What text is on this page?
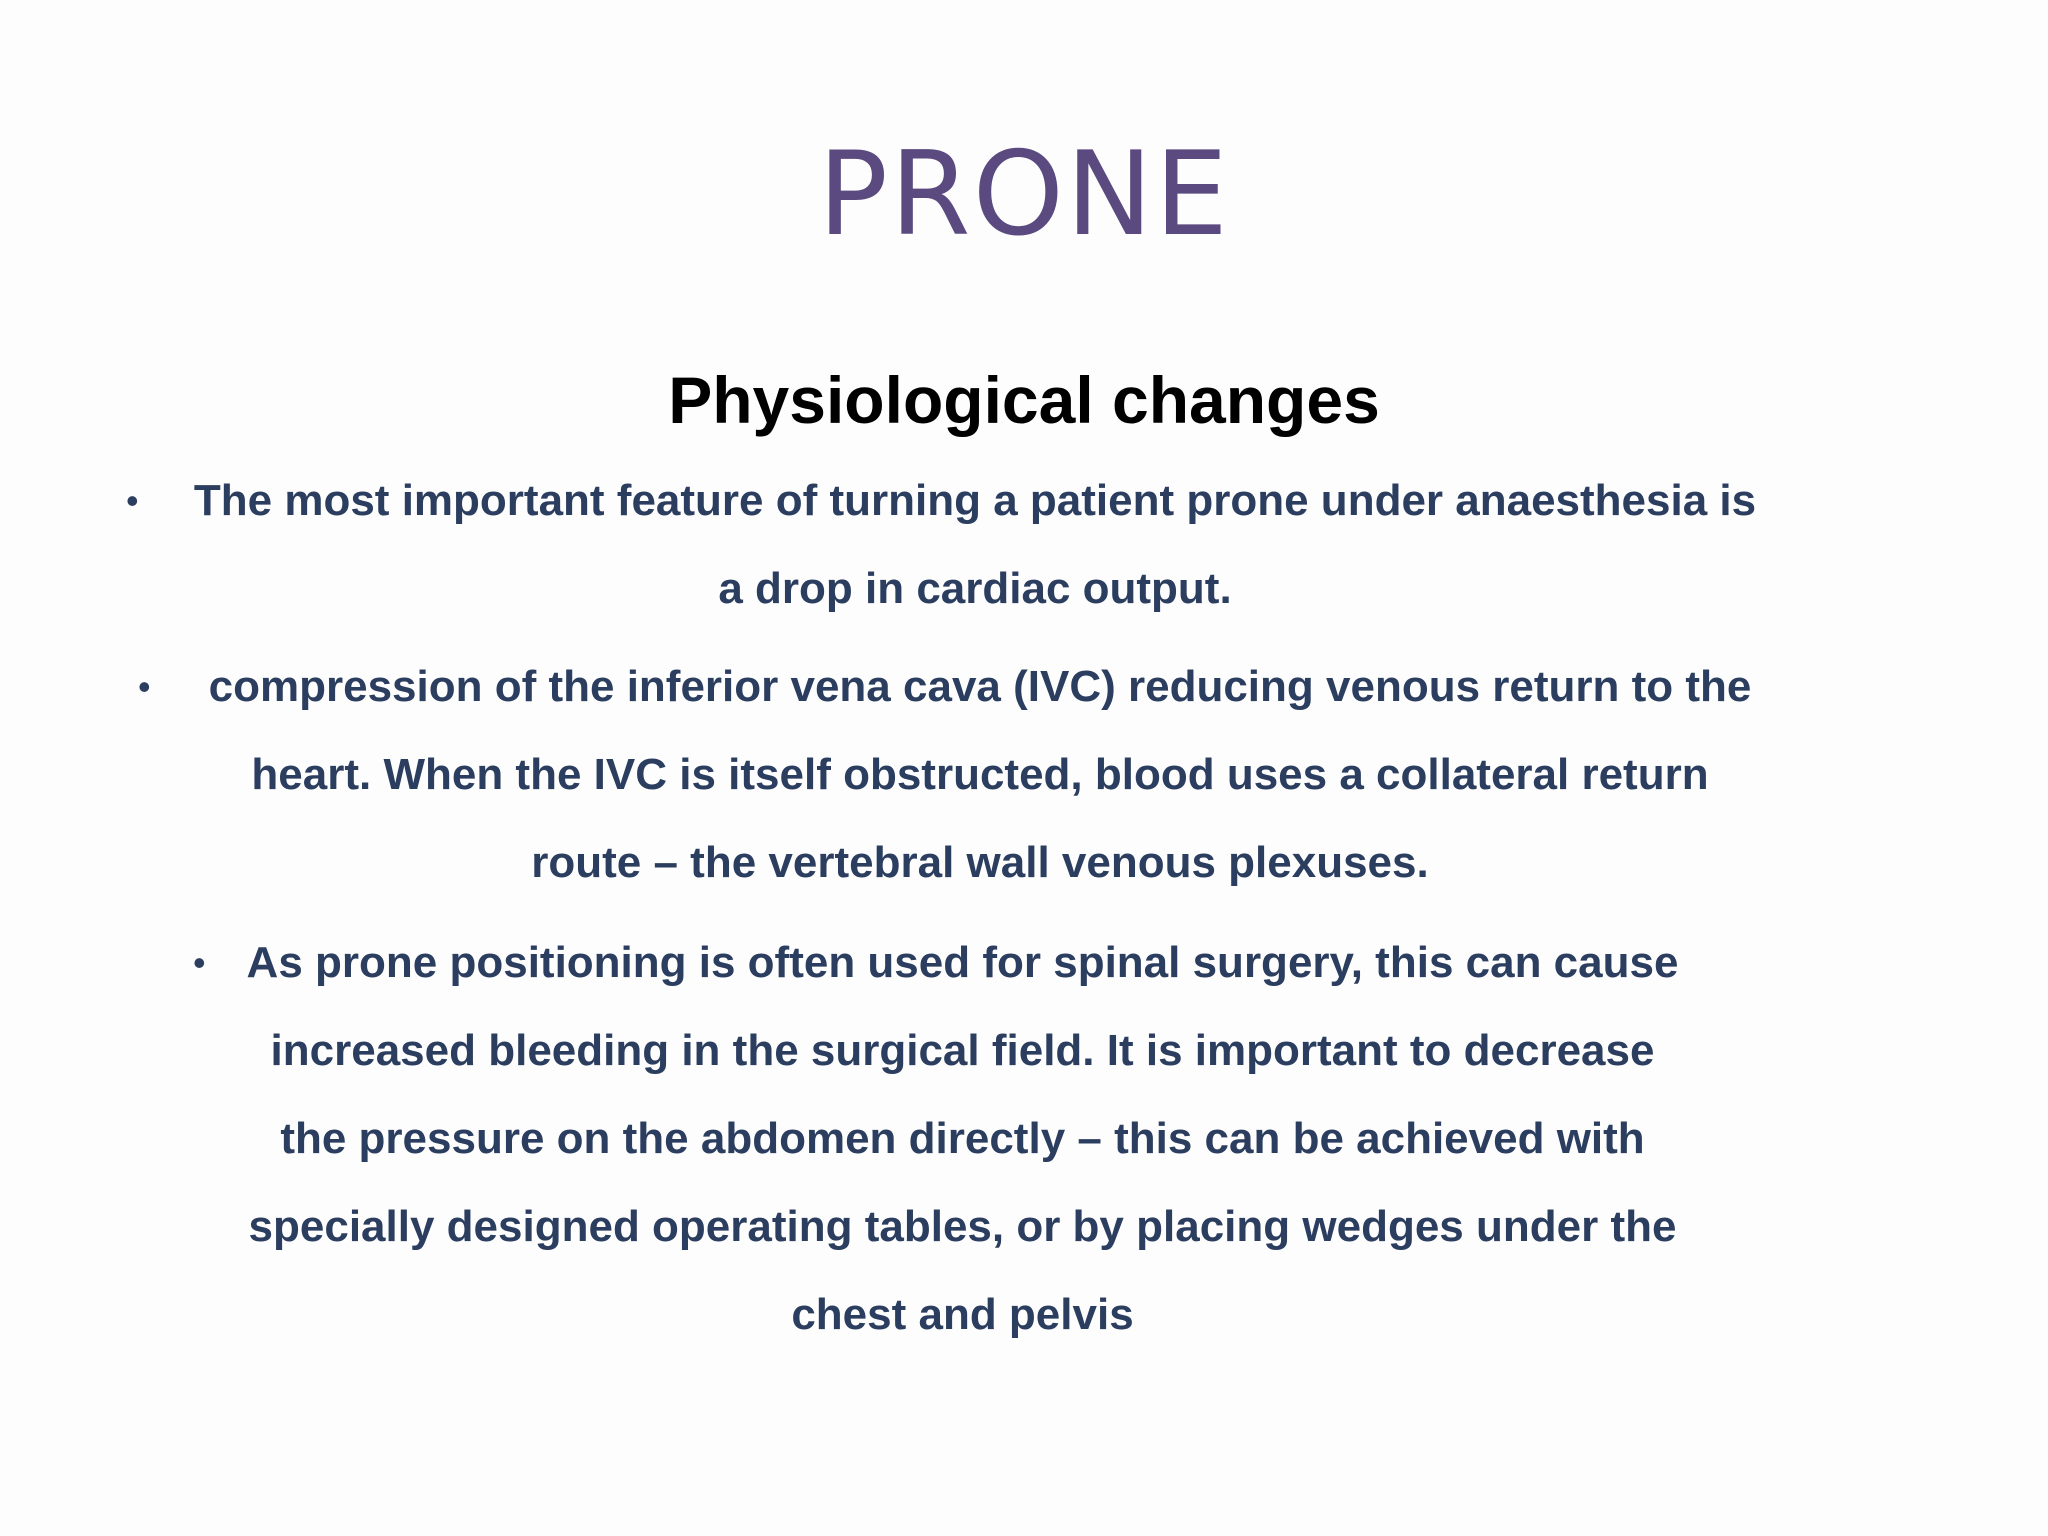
PRONE
Physiological changes
• The most important feature of turning a patient prone under anaesthesia is a drop in cardiac output.

• compression of the inferior vena cava (IVC) reducing venous return to the heart. When the IVC is itself obstructed, blood uses a collateral return route – the vertebral wall venous plexuses.

• As prone positioning is often used for spinal surgery, this can cause increased bleeding in the surgical field. It is important to decrease the pressure on the abdomen directly – this can be achieved with specially designed operating tables, or by placing wedges under the chest and pelvis
